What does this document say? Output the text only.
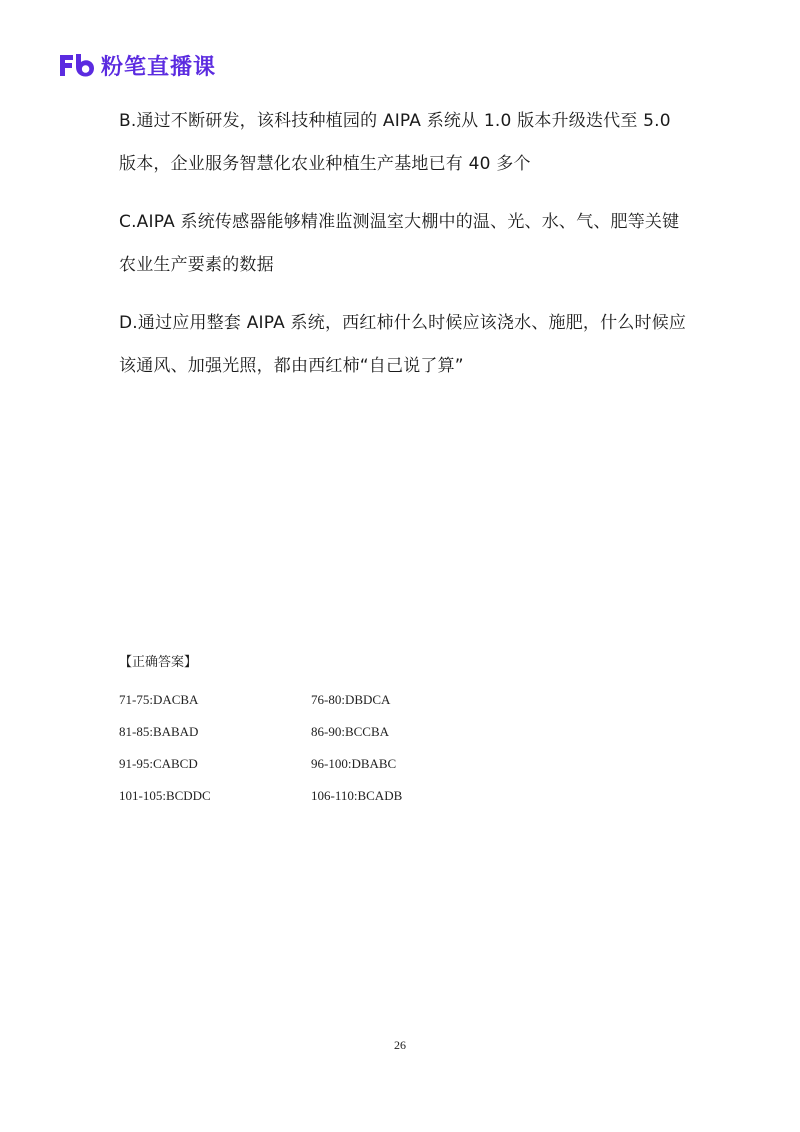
粉笔直播课
B.通过不断研发，该科技种植园的 AIPA 系统从 1.0 版本升级迭代至 5.0 版本，企业服务智慧化农业种植生产基地已有 40 多个
C.AIPA 系统传感器能够精准监测温室大棚中的温、光、水、气、肥等关键农业生产要素的数据
D.通过应用整套 AIPA 系统，西红柿什么时候应该浇水、施肥，什么时候应该通风、加强光照，都由西红柿“自己说了算”
【正确答案】
71-75:DACBA	76-80:DBDCA
81-85:BABAD	86-90:BCCBA
91-95:CABCD	96-100:DBABC
101-105:BCDDC	106-110:BCADB
26
